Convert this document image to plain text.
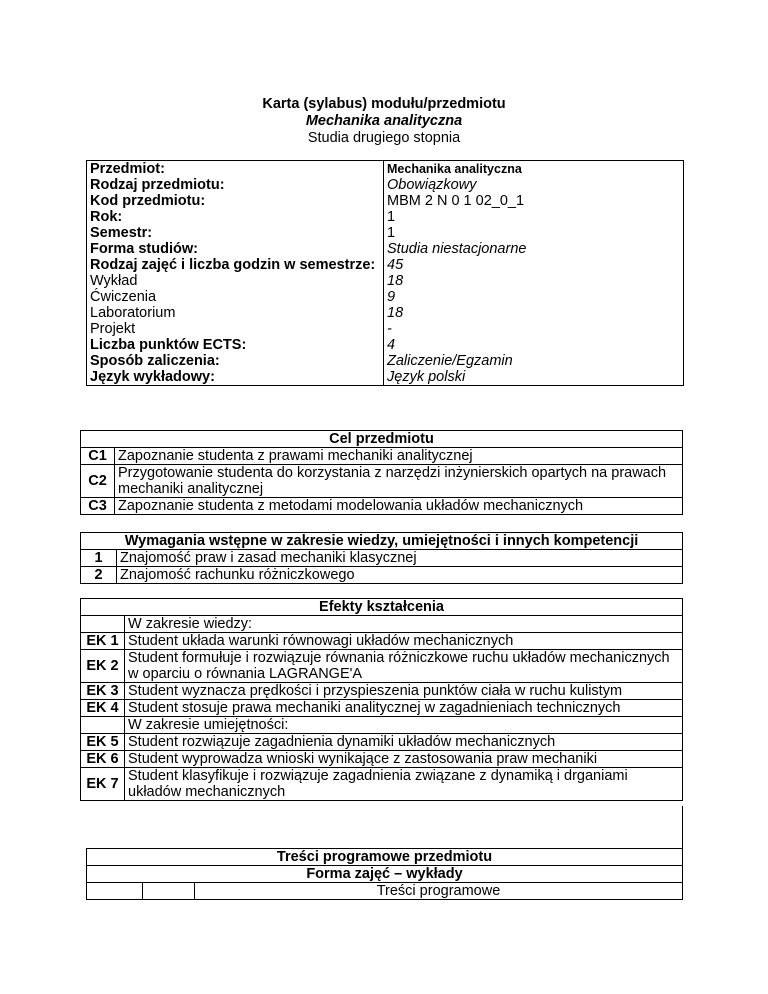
Karta (sylabus) modułu/przedmiotu
Mechanika analityczna
Studia drugiego stopnia
Przedmiot:	Mechanika analityczna
Rodzaj przedmiotu:	Obowiązkowy
Kod przedmiotu:	MBM 2 N 0 1 02_0_1
Rok:	1
Semestr:	1
Forma studiów:	Studia niestacjonarne
Rodzaj zajęć i liczba godzin w semestrze:	45
Wykład	18
Ćwiczenia	9
Laboratorium	18
Projekt	-
Liczba punktów ECTS:	4
Sposób zaliczenia:	Zaliczenie/Egzamin
Język wykładowy:	Język polski
Cel przedmiotu	
C1	Zapoznanie studenta z prawami mechaniki analitycznej
C2	Przygotowanie studenta do korzystania z narzędzi inżynierskich opartych na prawach mechaniki analitycznej
C3	Zapoznanie studenta z metodami modelowania układów mechanicznych
Wymagania wstępne w zakresie wiedzy, umiejętności i innych kompetencji	
1	Znajomość praw i zasad mechaniki klasycznej
2	Znajomość rachunku różniczkowego
Efekty kształcenia	
	W zakresie wiedzy:
EK 1	Student układa warunki równowagi układów mechanicznych
EK 2	Student formułuje i rozwiązuje równania różniczkowe ruchu układów mechanicznych w oparciu o równania LAGRANGE'A
EK 3	Student wyznacza prędkości i przyspieszenia punktów ciała w ruchu kulistym
EK 4	Student stosuje prawa mechaniki analitycznej w zagadnieniach technicznych
	W zakresie umiejętności:
EK 5	Student rozwiązuje zagadnienia dynamiki układów mechanicznych
EK 6	Student wyprowadza wnioski wynikające z zastosowania praw mechaniki
EK 7	Student klasyfikuje i rozwiązuje zagadnienia związane z dynamiką i drganiami układów mechanicznych
Treści programowe przedmiotu
Forma zajęć – wykłady
		Treści programowe
